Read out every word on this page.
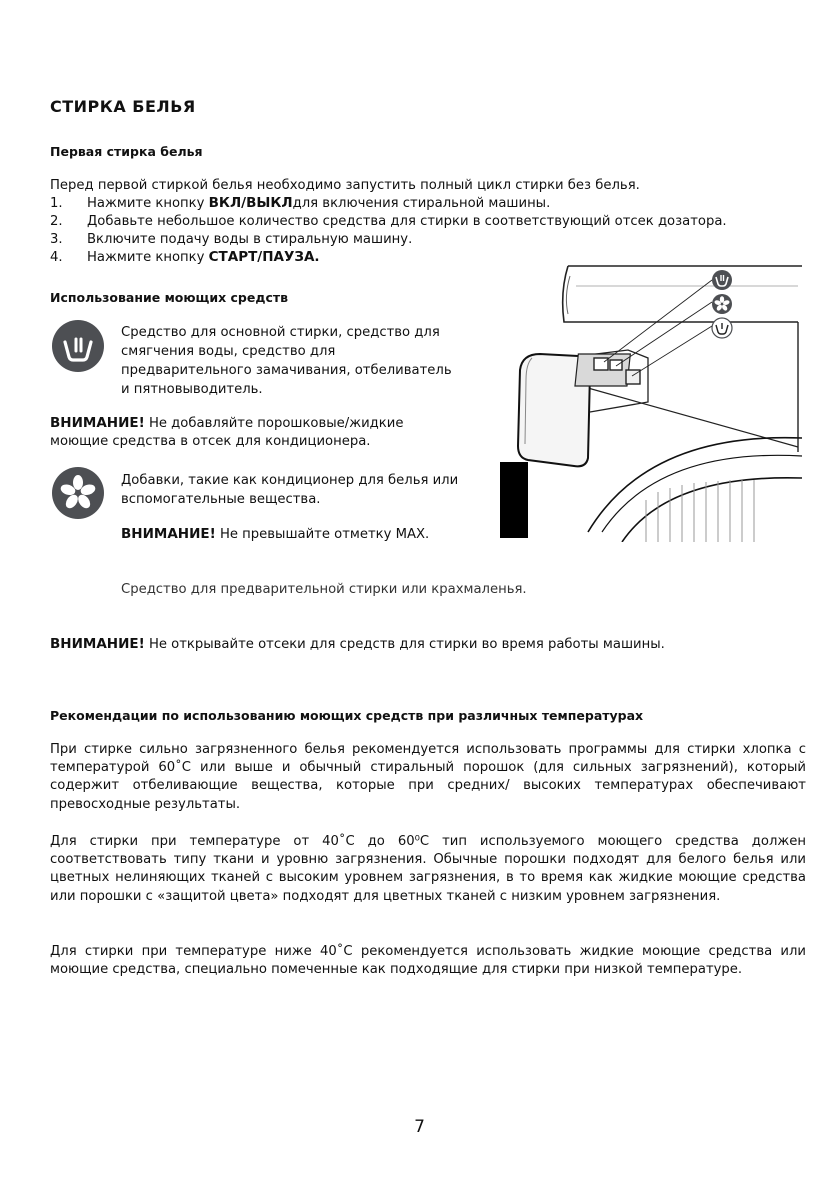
СТИРКА БЕЛЬЯ
Первая стирка белья
Перед первой стиркой белья необходимо запустить полный цикл стирки без белья.
1. Нажмите кнопку ВКЛ/ВЫКЛдля включения стиральной машины.
2. Добавьте небольшое количество средства для стирки в соответствующий отсек дозатора.
3. Включите подачу воды в стиральную машину.
4. Нажмите кнопку СТАРТ/ПАУЗА.
Использование моющих средств
Средство для основной стирки, средство для
смягчения воды, средство для
предварительного замачивания, отбеливатель
и пятновыводитель.
ВНИМАНИЕ! Не добавляйте порошковые/жидкие
моющие средства в отсек для кондиционера.
Добавки, такие как кондиционер для белья или
вспомогательные вещества.
ВНИМАНИЕ! Не превышайте отметку MAX.
Средство для предварительной стирки или крахмаленья.
ВНИМАНИЕ! Не открывайте отсеки для средств для стирки во время работы машины.
Рекомендации по использованию моющих средств при различных температурах
При стирке сильно загрязненного белья рекомендуется использовать программы для стирки хлопка с температурой 60˚C или выше и обычный стиральный порошок (для сильных загрязнений), который содержит отбеливающие вещества, которые при средних/ высоких температурах обеспечивают превосходные результаты.
Для стирки при температуре от 40˚C до 60⁰C тип используемого моющего средства должен соответствовать типу ткани и уровню загрязнения. Обычные порошки подходят для белого белья или цветных нелиняющих тканей с высоким уровнем загрязнения, в то время как жидкие моющие средства или порошки с «защитой цвета» подходят для цветных тканей с низким уровнем загрязнения.
Для стирки при температуре ниже 40˚C рекомендуется использовать жидкие моющие средства или моющие средства, специально помеченные как подходящие для стирки при низкой температуре.
7
